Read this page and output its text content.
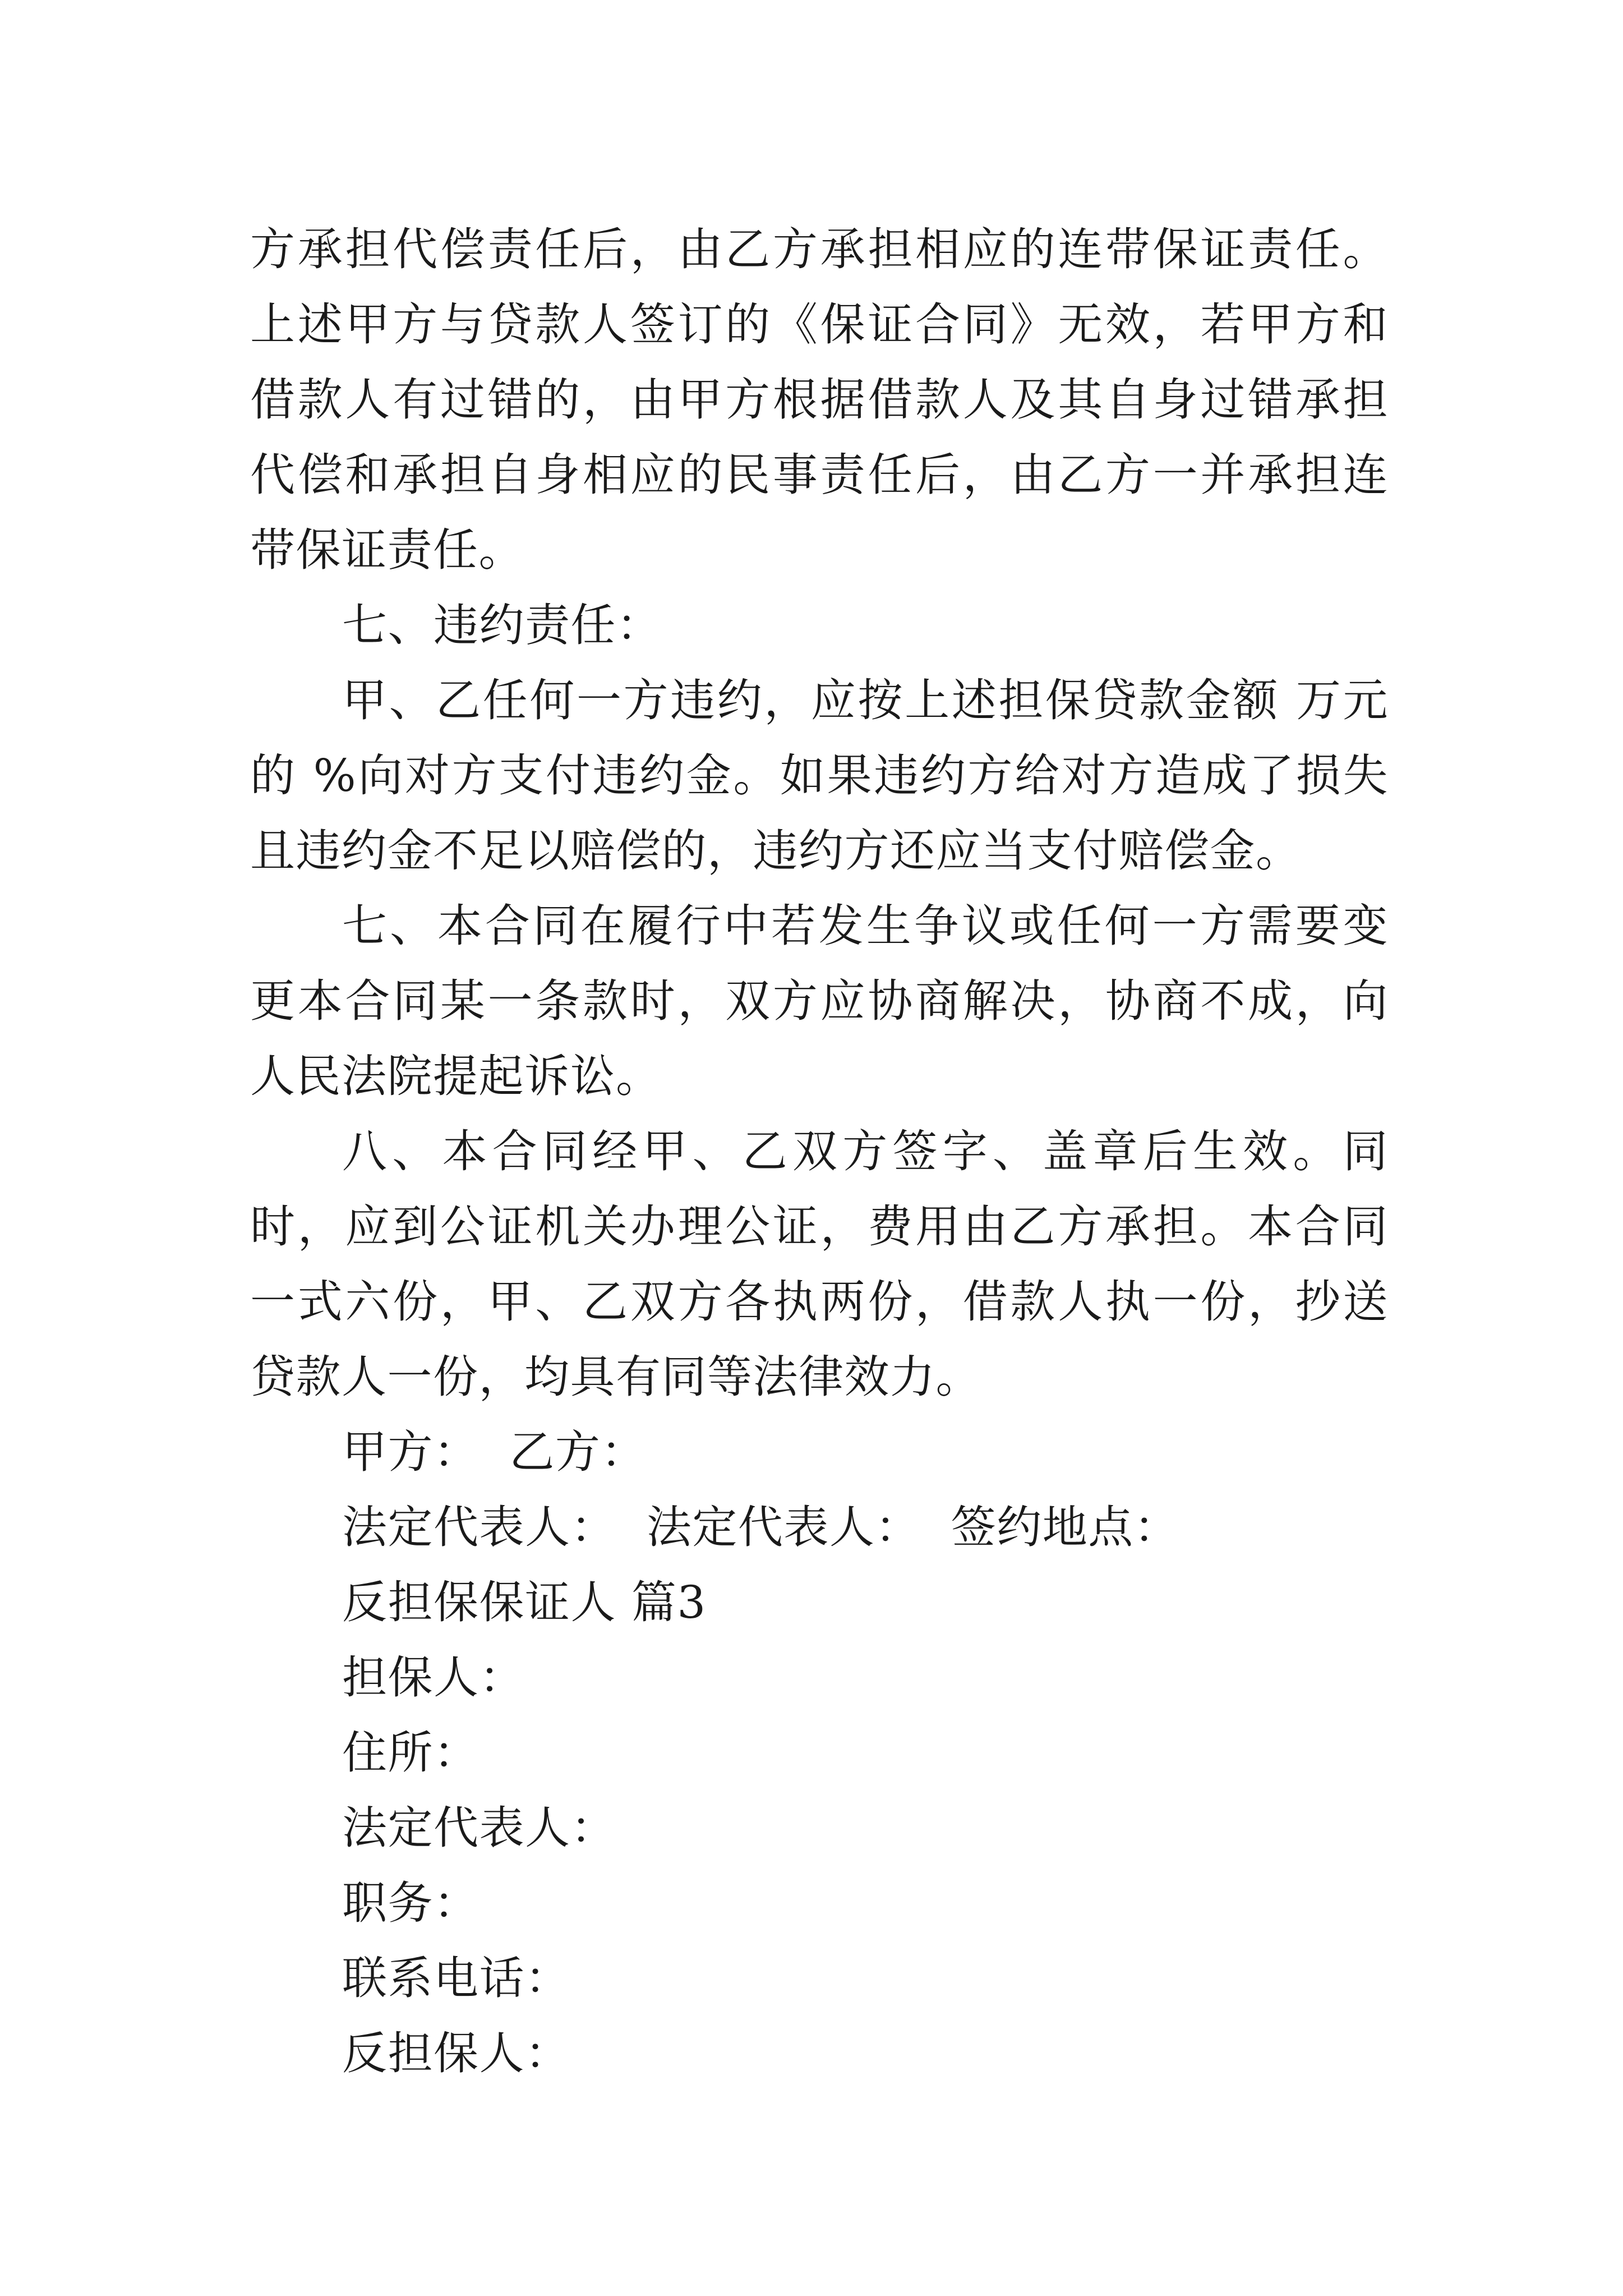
方承担代偿责任后，由乙方承担相应的连带保证责任。上述甲方与贷款人签订的《保证合同》无效，若甲方和借款人有过错的，由甲方根据借款人及其自身过错承担代偿和承担自身相应的民事责任后，由乙方一并承担连带保证责任。

七、违约责任：

甲、乙任何一方违约，应按上述担保贷款金额 万元的 %向对方支付违约金。如果违约方给对方造成了损失且违约金不足以赔偿的，违约方还应当支付赔偿金。

七、本合同在履行中若发生争议或任何一方需要变更本合同某一条款时，双方应协商解决，协商不成，向人民法院提起诉讼。

八、本合同经甲、乙双方签字、盖章后生效。同时，应到公证机关办理公证，费用由乙方承担。本合同一式六份，甲、乙双方各执两份，借款人执一份，抄送贷款人一份，均具有同等法律效力。

甲方：  乙方：

法定代表人：  法定代表人：  签约地点：

反担保保证人 篇3

担保人：

住所：

法定代表人：

职务：

联系电话：

反担保人：
